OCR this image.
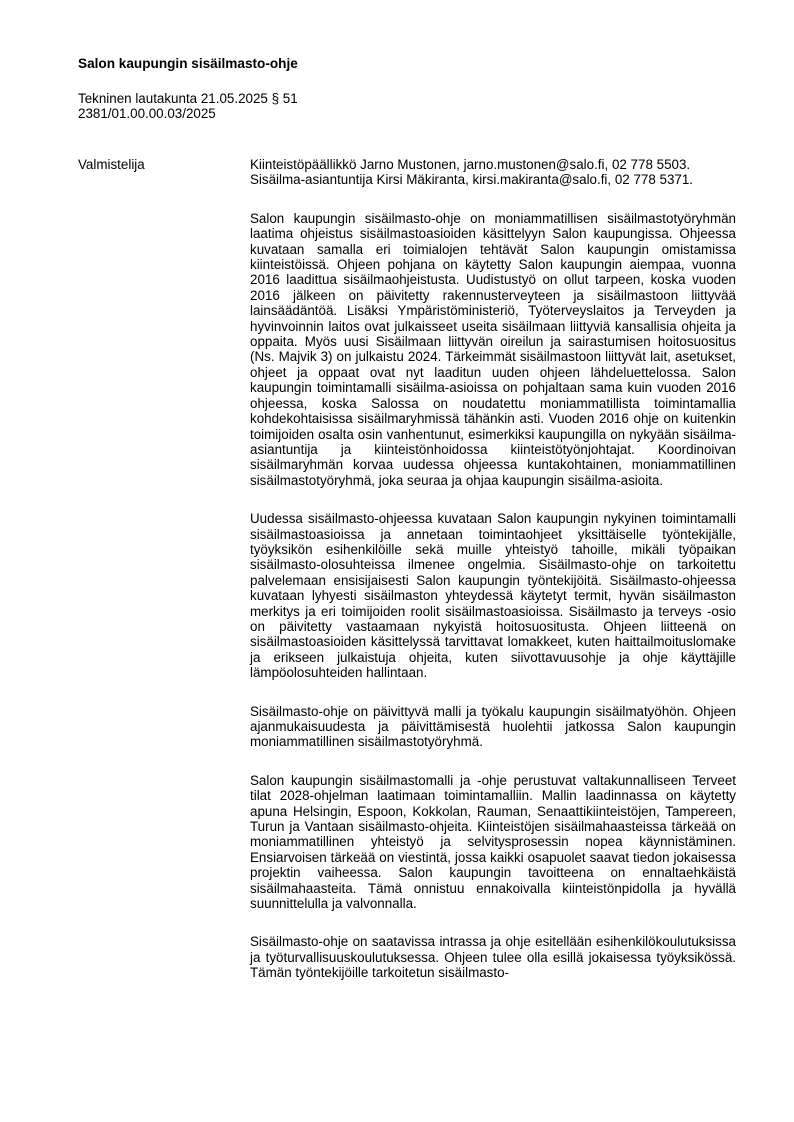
Salon kaupungin sisäilmasto-ohje
Tekninen lautakunta 21.05.2025 § 51
2381/01.00.00.03/2025
Valmistelija	Kiinteistöpäällikkö Jarno Mustonen, jarno.mustonen@salo.fi, 02 778 5503.
Sisäilma-asiantuntija Kirsi Mäkiranta, kirsi.makiranta@salo.fi, 02 778 5371.

Salon kaupungin sisäilmasto-ohje on moniammatillisen sisäilmastotyöryhmän laatima ohjeistus sisäilmastoasioiden käsittelyyn Salon kaupungissa. Ohjeessa kuvataan samalla eri toimialojen tehtävät Salon kaupungin omistamissa kiinteistöissä. Ohjeen pohjana on käytetty Salon kaupungin aiempaa, vuonna 2016 laadittua sisäilmaohjeistusta. Uudistustyö on ollut tarpeen, koska vuoden 2016 jälkeen on päivitetty rakennusterveyteen ja sisäilmastoon liittyvää lainsäädäntöä. Lisäksi Ympäristöministeriö, Työterveyslaitos ja Terveyden ja hyvinvoinnin laitos ovat julkaisseet useita sisäilmaan liittyviä kansallisia ohjeita ja oppaita. Myös uusi Sisäilmaan liittyvän oireilun ja sairastumisen hoitosuositus (Ns. Majvik 3) on julkaistu 2024. Tärkeimmät sisäilmastoon liittyvät lait, asetukset, ohjeet ja oppaat ovat nyt laaditun uuden ohjeen lähdeluettelossa. Salon kaupungin toimintamalli sisäilma-asioissa on pohjaltaan sama kuin vuoden 2016 ohjeessa, koska Salossa on noudatettu moniammatillista toimintamallia kohdekohtaisissa sisäilmaryhmissä tähänkin asti. Vuoden 2016 ohje on kuitenkin toimijoiden osalta osin vanhentunut, esimerkiksi kaupungilla on nykyään sisäilma-asiantuntija ja kiinteistönhoidossa kiinteistötyönjohtajat. Koordinoivan sisäilmaryhmän korvaa uudessa ohjeessa kuntakohtainen, moniammatillinen sisäilmastotyöryhmä, joka seuraa ja ohjaa kaupungin sisäilma-asioita.

Uudessa sisäilmasto-ohjeessa kuvataan Salon kaupungin nykyinen toimintamalli sisäilmastoasioissa ja annetaan toimintaohjeet yksittäiselle työntekijälle, työyksikön esihenkilöille sekä muille yhteistyö tahoille, mikäli työpaikan sisäilmasto-olosuhteissa ilmenee ongelmia. Sisäilmasto-ohje on tarkoitettu palvelemaan ensisijaisesti Salon kaupungin työntekijöitä. Sisäilmasto-ohjeessa kuvataan lyhyesti sisäilmaston yhteydessä käytetyt termit, hyvän sisäilmaston merkitys ja eri toimijoiden roolit sisäilmastoasioissa. Sisäilmasto ja terveys -osio on päivitetty vastaamaan nykyistä hoitosuositusta. Ohjeen liitteenä on sisäilmastoasioiden käsittelyssä tarvittavat lomakkeet, kuten haittailmoituslomake ja erikseen julkaistuja ohjeita, kuten siivottavuusohje ja ohje käyttäjille lämpöolosuhteiden hallintaan.

Sisäilmasto-ohje on päivittyvä malli ja työkalu kaupungin sisäilmatyöhön. Ohjeen ajanmukaisuudesta ja päivittämisestä huolehtii jatkossa Salon kaupungin moniammatillinen sisäilmastotyöryhmä.

Salon kaupungin sisäilmastomalli ja -ohje perustuvat valtakunnalliseen Terveet tilat 2028-ohjelman laatimaan toimintamalliin. Mallin laadinnassa on käytetty apuna Helsingin, Espoon, Kokkolan, Rauman, Senaattikiinteistöjen, Tampereen, Turun ja Vantaan sisäilmasto-ohjeita. Kiinteistöjen sisäilmahaasteissa tärkeää on moniammatillinen yhteistyö ja selvitysprosessin nopea käynnistäminen. Ensiarvoisen tärkeää on viestintä, jossa kaikki osapuolet saavat tiedon jokaisessa projektin vaiheessa. Salon kaupungin tavoitteena on ennaltaehkäistä sisäilmahaasteita. Tämä onnistuu ennakoivalla kiinteistönpidolla ja hyvällä suunnittelulla ja valvonnalla.

Sisäilmasto-ohje on saatavissa intrassa ja ohje esitellään esihenkilökoulutuksissa ja työturvallisuuskoulutuksessa. Ohjeen tulee olla esillä jokaisessa työyksikössä. Tämän työntekijöille tarkoitetun sisäilmasto-
